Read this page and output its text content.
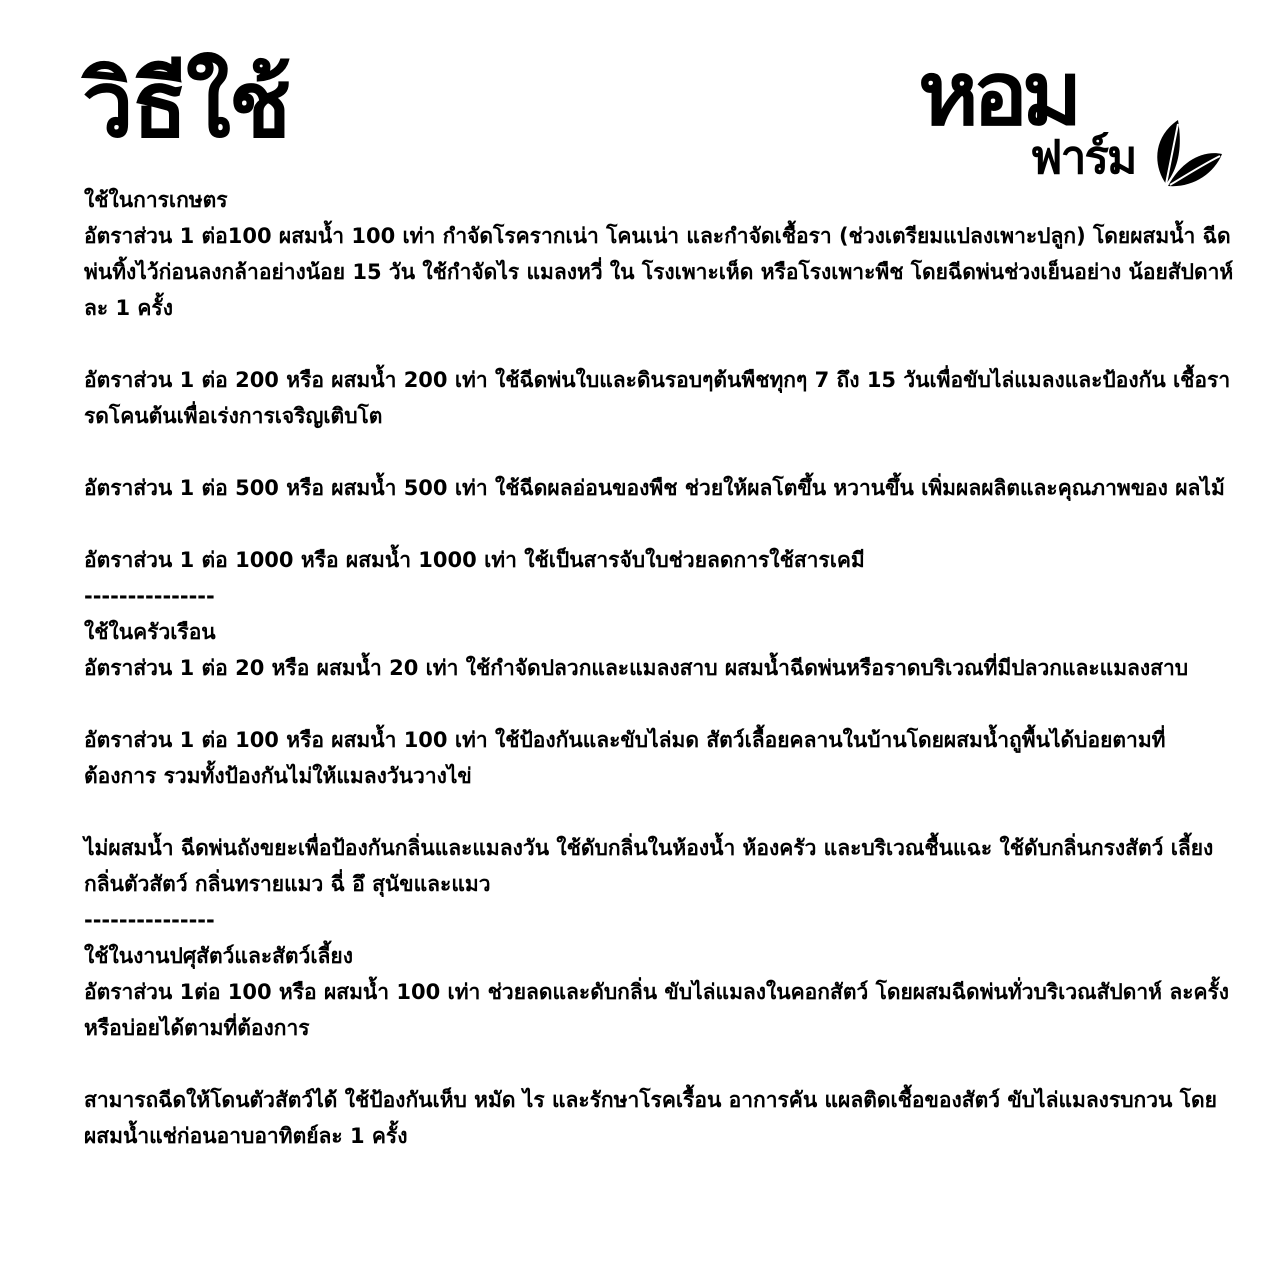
วิธีใช้	หอม
ฟาร์ม

ใช้ในการเกษตร

อัตราส่วน 1 ต่อ100 ผสมน้ำ 100 เท่า กำจัดโรครากเน่า โคนเน่า และกำจัดเชื้อรา (ช่วงเตรียมแปลงเพาะปลูก) โดยผสมน้ำ ฉีดพ่นทิ้งไว้ก่อนลงกล้าอย่างน้อย 15 วัน ใช้กำจัดไร แมลงหวี่ ใน โรงเพาะเห็ด หรือโรงเพาะพืช โดยฉีดพ่นช่วงเย็นอย่าง น้อยสัปดาห์ละ 1 ครั้ง

อัตราส่วน 1 ต่อ 200 หรือ ผสมน้ำ 200 เท่า ใช้ฉีดพ่นใบและดินรอบๆต้นพืชทุกๆ 7 ถึง 15 วันเพื่อขับไล่แมลงและป้องกัน เชื้อรา รดโคนต้นเพื่อเร่งการเจริญเติบโต

อัตราส่วน 1 ต่อ 500 หรือ ผสมน้ำ 500 เท่า ใช้ฉีดผลอ่อนของพืช ช่วยให้ผลโตขึ้น หวานขึ้น เพิ่มผลผลิตและคุณภาพของ ผลไม้

อัตราส่วน 1 ต่อ 1000 หรือ ผสมน้ำ 1000 เท่า ใช้เป็นสารจับใบช่วยลดการใช้สารเคมี

---------------

ใช้ในครัวเรือน

อัตราส่วน 1 ต่อ 20 หรือ ผสมน้ำ 20 เท่า ใช้กำจัดปลวกและแมลงสาบ ผสมน้ำฉีดพ่นหรือราดบริเวณที่มีปลวกและแมลงสาบ

อัตราส่วน 1 ต่อ 100 หรือ ผสมน้ำ 100 เท่า ใช้ป้องกันและขับไล่มด สัตว์เลื้อยคลานในบ้านโดยผสมน้ำถูพื้นได้บ่อยตามที่ ต้องการ รวมทั้งป้องกันไม่ให้แมลงวันวางไข่

ไม่ผสมน้ำ ฉีดพ่นถังขยะเพื่อป้องกันกลิ่นและแมลงวัน ใช้ดับกลิ่นในห้องน้ำ ห้องครัว และบริเวณชื้นแฉะ ใช้ดับกลิ่นกรงสัตว์ เลี้ยงกลิ่นตัวสัตว์ กลิ่นทรายแมว ฉี่ อึ สุนัขและแมว

---------------

ใช้ในงานปศุสัตว์และสัตว์เลี้ยง

อัตราส่วน 1ต่อ 100 หรือ ผสมน้ำ 100 เท่า ช่วยลดและดับกลิ่น ขับไล่แมลงในคอกสัตว์ โดยผสมฉีดพ่นทั่วบริเวณสัปดาห์ ละครั้งหรือบ่อยได้ตามที่ต้องการ

สามารถฉีดให้โดนตัวสัตว์ได้ ใช้ป้องกันเห็บ หมัด ไร และรักษาโรคเรื้อน อาการคัน แผลติดเชื้อของสัตว์ ขับไล่แมลงรบกวน โดยผสมน้ำแช่ก่อนอาบอาทิตย์ละ 1 ครั้ง
